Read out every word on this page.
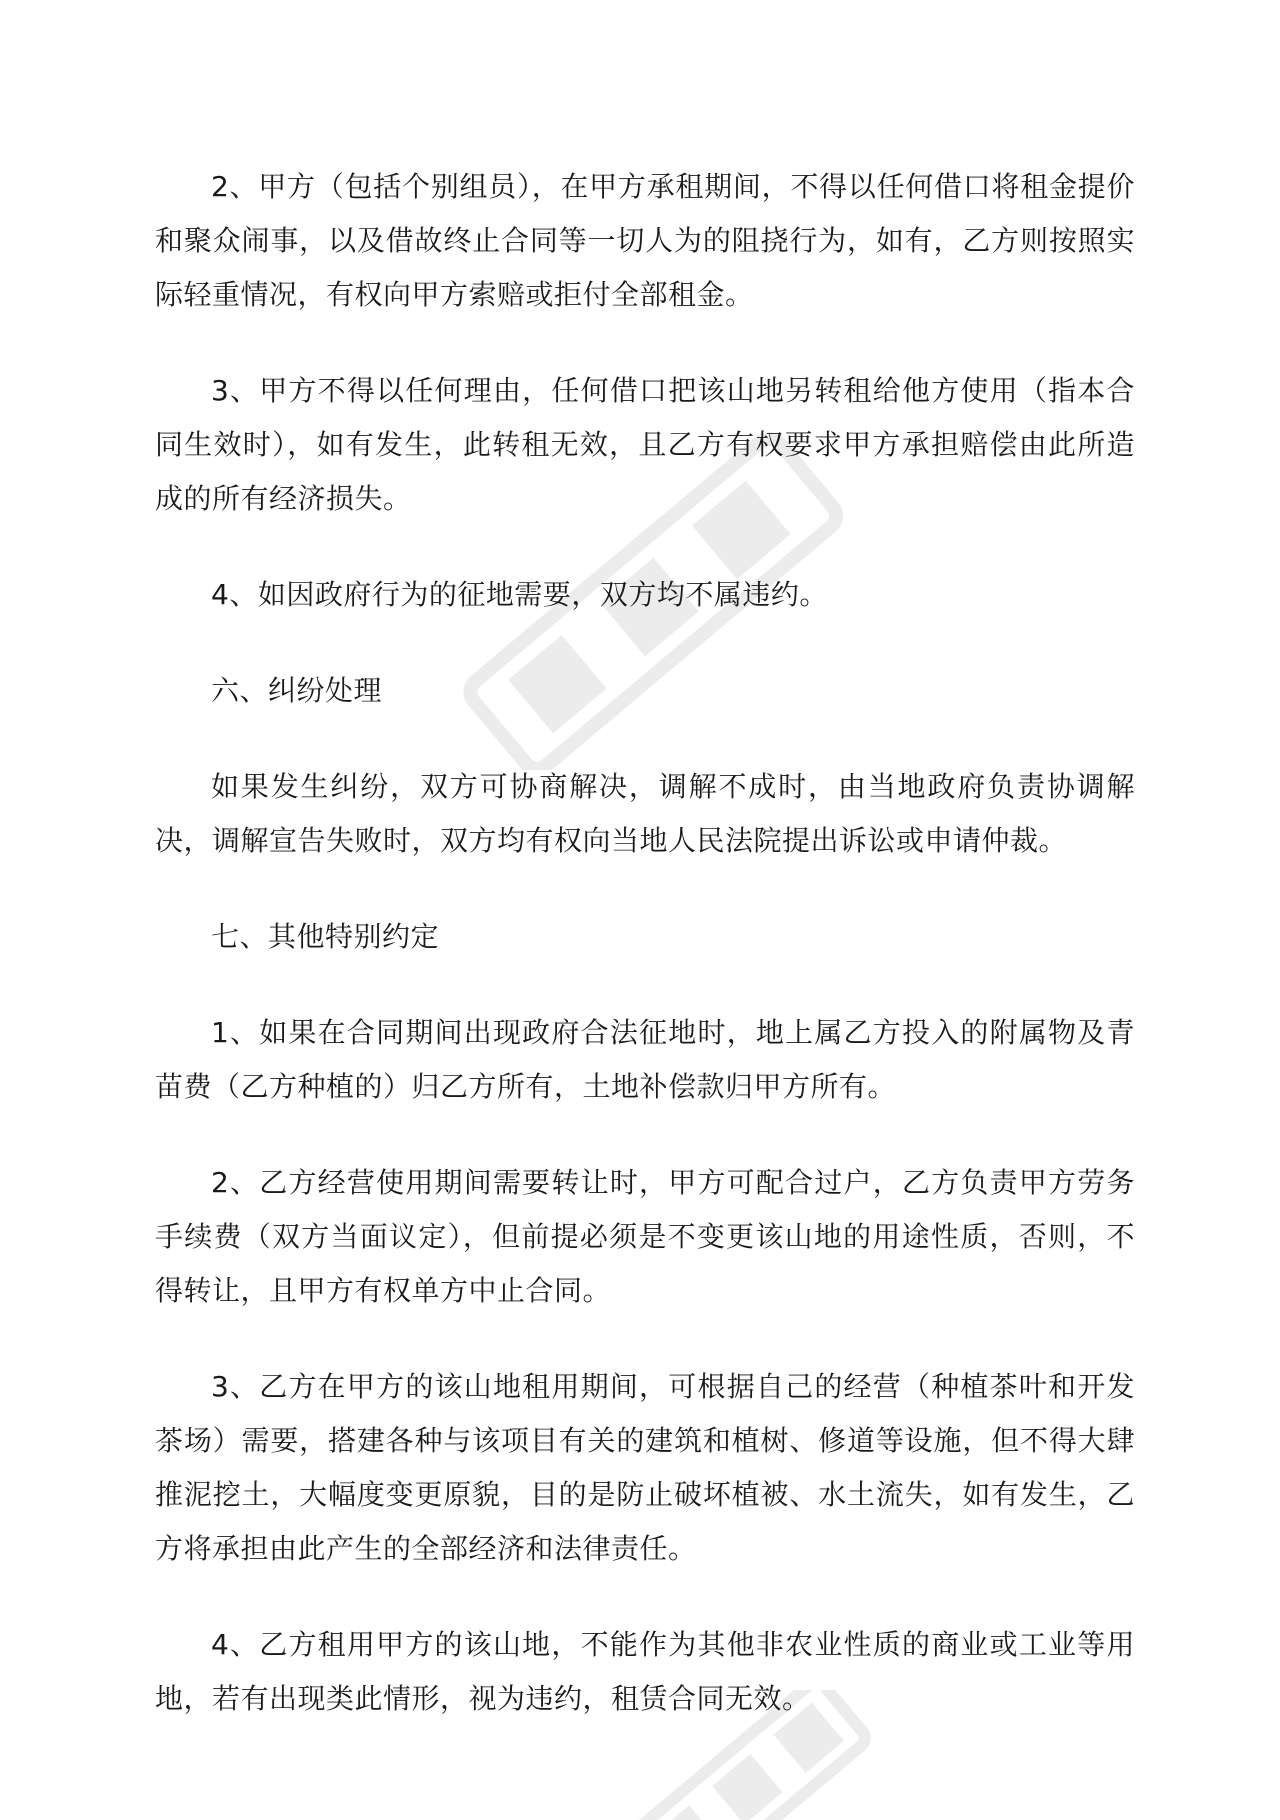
2、甲方（包括个别组员），在甲方承租期间，不得以任何借口将租金提价和聚众闹事，以及借故终止合同等一切人为的阻挠行为，如有，乙方则按照实际轻重情况，有权向甲方索赔或拒付全部租金。

3、甲方不得以任何理由，任何借口把该山地另转租给他方使用（指本合同生效时），如有发生，此转租无效，且乙方有权要求甲方承担赔偿由此所造成的所有经济损失。

4、如因政府行为的征地需要，双方均不属违约。

六、纠纷处理

如果发生纠纷，双方可协商解决，调解不成时，由当地政府负责协调解决，调解宣告失败时，双方均有权向当地人民法院提出诉讼或申请仲裁。

七、其他特别约定

1、如果在合同期间出现政府合法征地时，地上属乙方投入的附属物及青苗费（乙方种植的）归乙方所有，土地补偿款归甲方所有。

2、乙方经营使用期间需要转让时，甲方可配合过户，乙方负责甲方劳务手续费（双方当面议定），但前提必须是不变更该山地的用途性质，否则，不得转让，且甲方有权单方中止合同。

3、乙方在甲方的该山地租用期间，可根据自己的经营（种植茶叶和开发茶场）需要，搭建各种与该项目有关的建筑和植树、修道等设施，但不得大肆推泥挖土，大幅度变更原貌，目的是防止破坏植被、水土流失，如有发生，乙方将承担由此产生的全部经济和法律责任。

4、乙方租用甲方的该山地，不能作为其他非农业性质的商业或工业等用地，若有出现类此情形，视为违约，租赁合同无效。
